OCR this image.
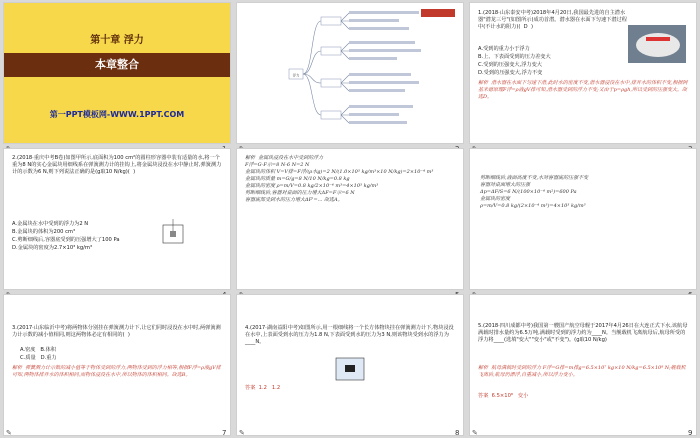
第十章 浮力
本章整合
第一PPT模板网-WWW.1PPT.COM
浮力
1.(2018·山东泰安中考)2018年4月20日,我国最先进的自主潜水器"潜龙三号"(如图所示)成功首潜。潜水器在水面下匀速下潜过程中(不计水的阻力)(  D  )
A.受到的重力小于浮力
B.上、下表面受到的压力差变大
C.受到的压强变大,浮力变大
D.受到的压强变大,浮力不变
解析  潜水器在水面下匀速下潜,此时水的密度不变,潜水器浸没在水中,排开水的体积不变,根据阿基米德原理F浮=ρ液gV排可知,潜水器受到的浮力不变;又由于p=ρgh,所以受到的压强变大。故选D。
2.(2018·重庆中考B卷)如图甲所示,底面积为100 cm²的圆柱形容器中装有适量的水,将一个重为8 N的实心金属块用细线系在弹簧测力计的挂钩上,将金属块浸没在水中静止时,弹簧测力计的示数为6 N,则下列说法正确的是(g取10 N/kg)(  )
A.金属块在水中受到的浮力为2 N
B.金属块的体积为200 cm³
C.剪断细线后,容器底受到的压强增大了100 Pa
D.金属块的密度为2.7×10³ kg/m³
解析  金属块浸没在水中受到的浮力
F浮=G-F示=8 N-6 N=2 N
金属块的体积 V=V排=F浮/(ρ水g)=2 N/(1.0×10³ kg/m³×10 N/kg)=2×10⁻⁴ m³
金属块的质量 m=G/g=8 N/10 N/kg=0.8 kg
金属块的密度 ρ=m/V=0.8 kg/2×10⁻⁴ m³=4×10³ kg/m³
剪断细线后,容器对桌面的压力增大ΔF=F示=6 N
容器底部受到水的压力增大ΔF'=... 故选A。
剪断细线后,液面高度不变,水对容器底的压强不变
容器对桌面增大的压强
Δp=ΔF/S=6 N/(100×10⁻⁴ m²)=600 Pa
金属块的密度
ρ=m/V=0.8 kg/(2×10⁻⁴ m³)=4×10³ kg/m³
3.(2017·山东临沂中考)将两物体分别挂在弹簧测力计下,让它们同时浸没在水中时,两弹簧测力计示数的减小值相同,则这两物体必定有相同的(  )
A.密度   B.体积
C.质量   D.重力
解析  弹簧测力计示数的减小值等于物体受到的浮力,两物体受到的浮力相等,根据F浮=ρ液gV排可知,两物体排开水的体积相同,而物体浸没在水中,所以物体的体积相同。故选B。
✎	7
4.(2017·湖南益阳中考)如图所示,用一根细线将一个长方体物块挂在弹簧测力计下,物块浸没在水中,上表面受到水的压力为1.8 N,下表面受到水的压力为3 N,则该物块受到水的浮力为____N。
答案  1.2   1.2
✎	8
5.(2018·四川成都中考)我国第一艘国产航空母舰于2017年4月26日在大连正式下水,该航母满载时排水量约为6.5万吨,满载时受到的浮力约为____N。当舰载机飞离航母后,航母所受的浮力将____(选填"变大""变小"或"不变")。(g取10 N/kg)
解析  航母满载时受到的浮力 F浮=G排=m排g=6.5×10⁷ kg×10 N/kg=6.5×10⁸ N;舰载机飞离后,航母仍漂浮,自重减小,所以浮力变小。
答案  6.5×10⁸   变小
✎	9
